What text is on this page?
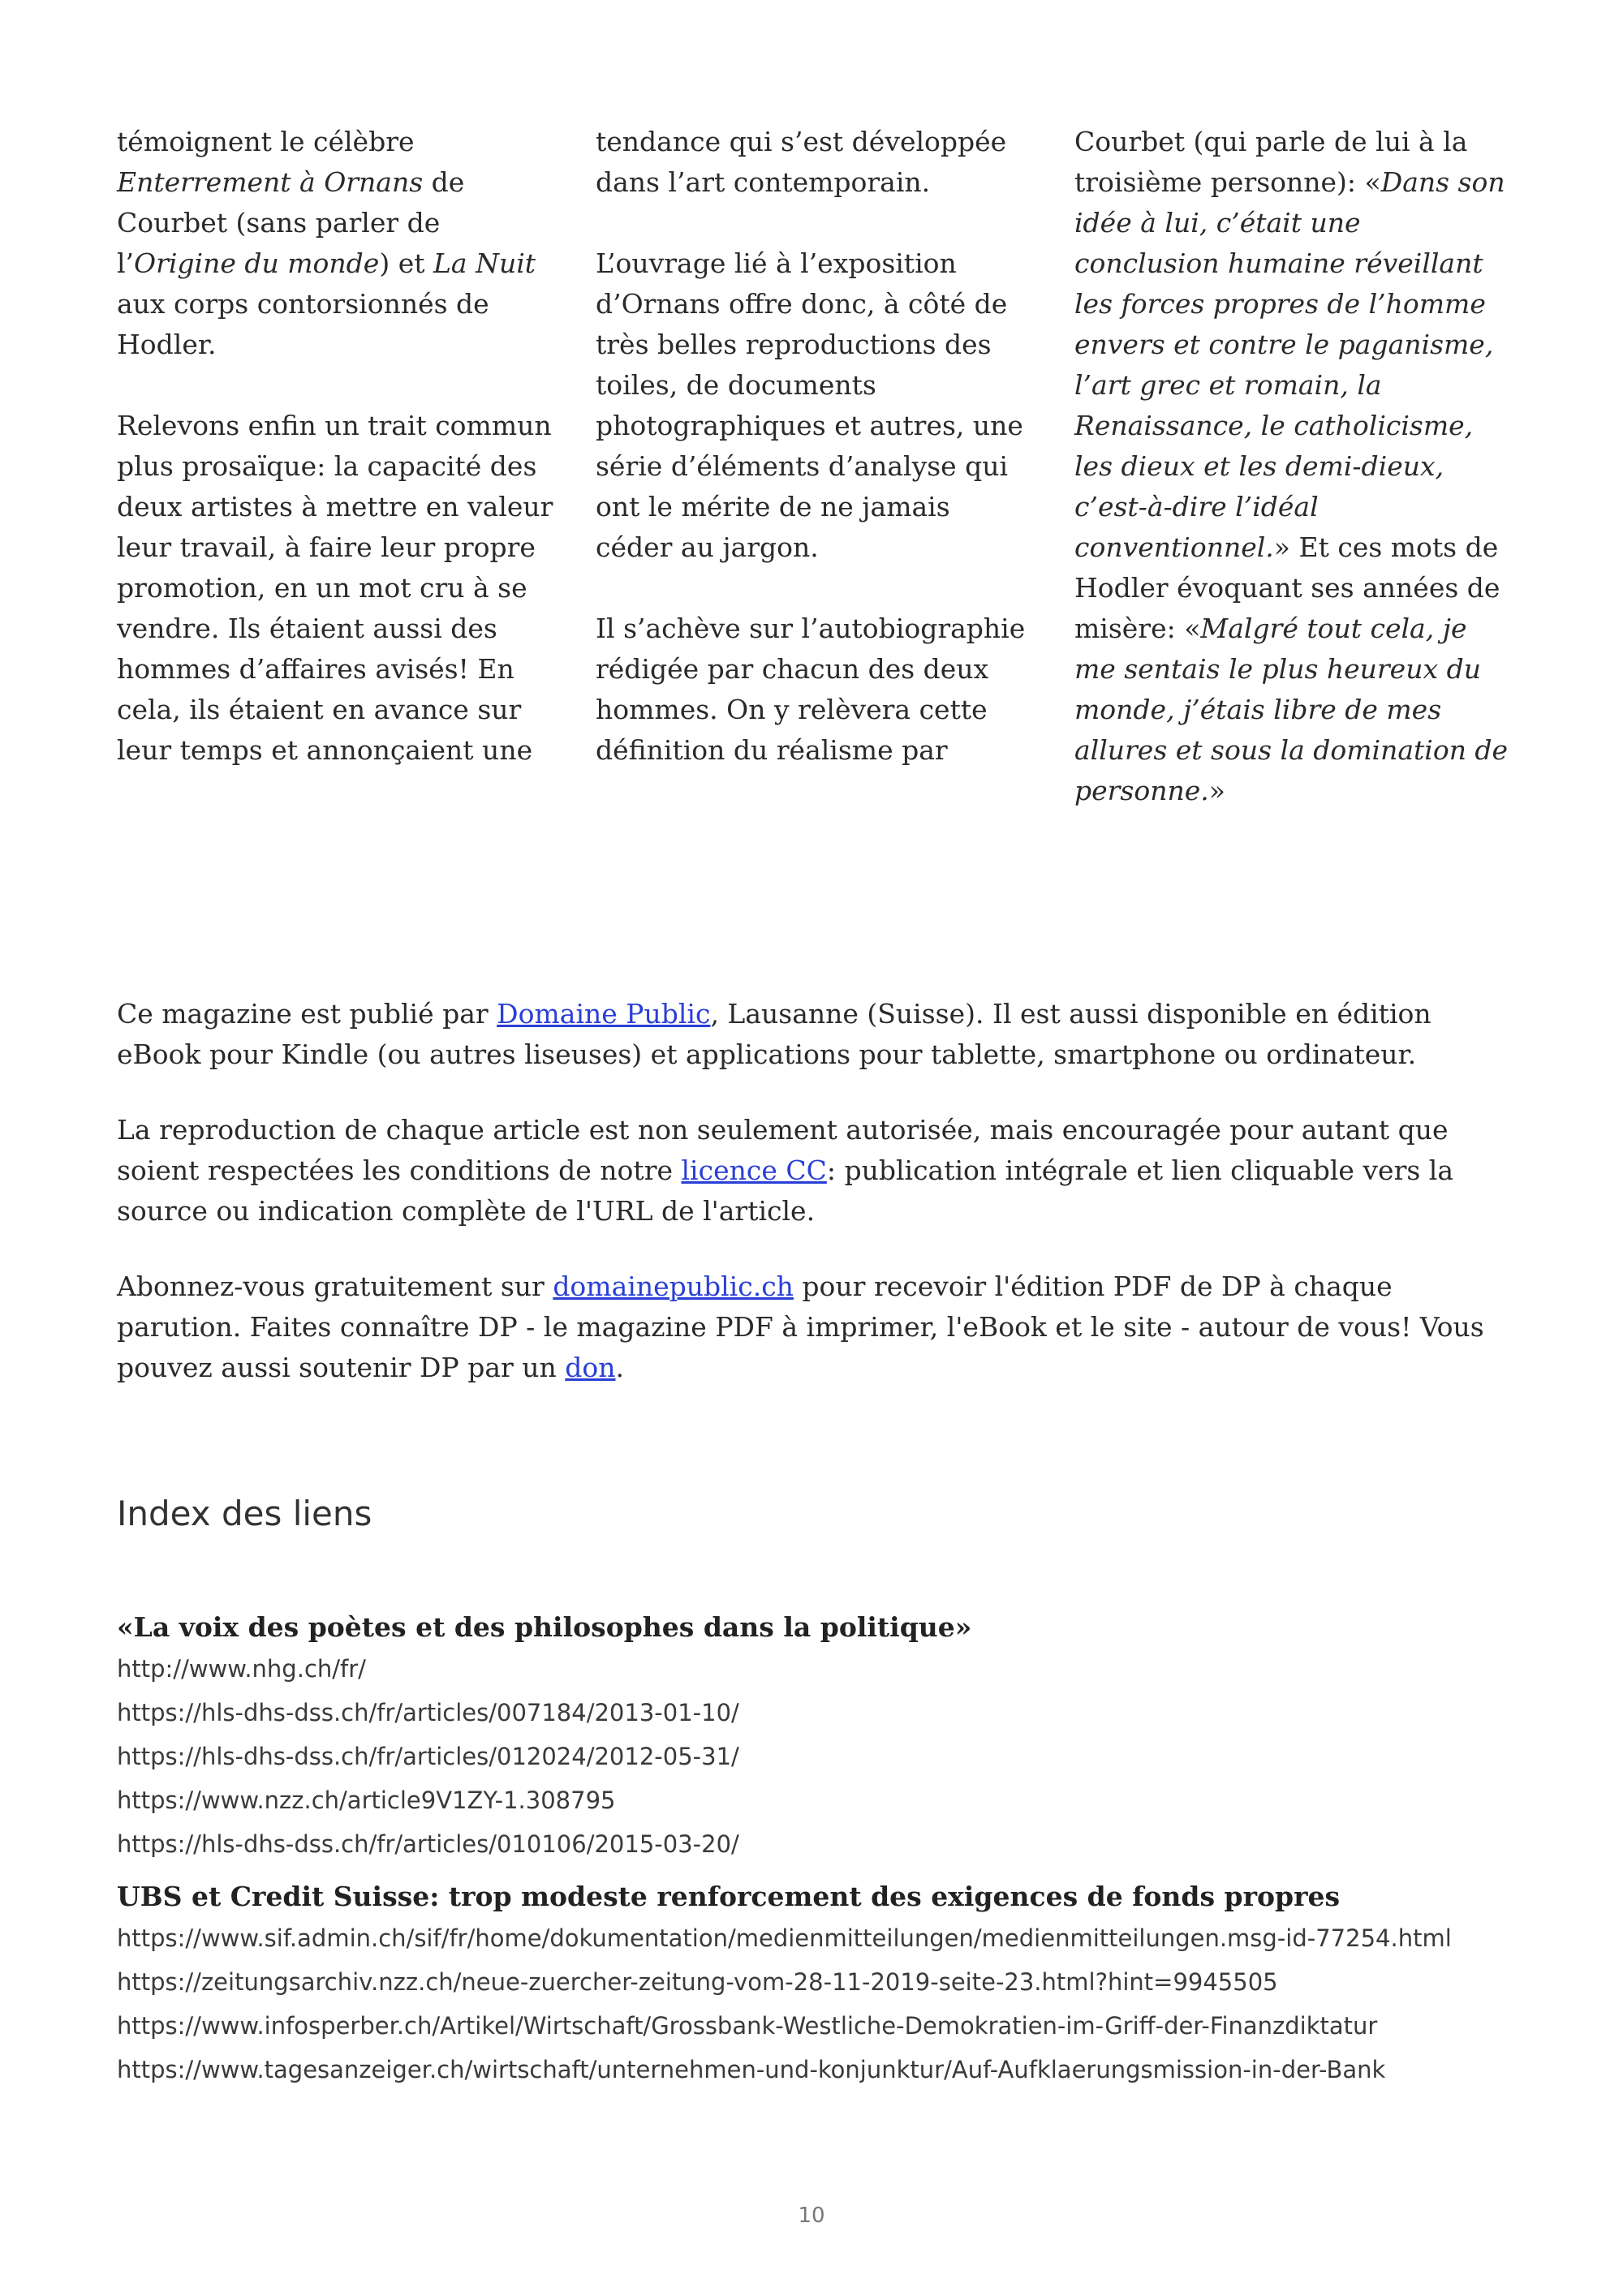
témoignent le célèbre Enterrement à Ornans de Courbet (sans parler de l’Origine du monde) et La Nuit aux corps contorsionnés de Hodler.

Relevons enfin un trait commun plus prosaïque: la capacité des deux artistes à mettre en valeur leur travail, à faire leur propre promotion, en un mot cru à se vendre. Ils étaient aussi des hommes d’affaires avisés! En cela, ils étaient en avance sur leur temps et annonçaient une

tendance qui s’est développée dans l’art contemporain.

L’ouvrage lié à l’exposition d’Ornans offre donc, à côté de très belles reproductions des toiles, de documents photographiques et autres, une série d’éléments d’analyse qui ont le mérite de ne jamais céder au jargon.

Il s’achève sur l’autobiographie rédigée par chacun des deux hommes. On y relèvera cette définition du réalisme par

Courbet (qui parle de lui à la troisième personne): «Dans son idée à lui, c’était une conclusion humaine réveillant les forces propres de l’homme envers et contre le paganisme, l’art grec et romain, la Renaissance, le catholicisme, les dieux et les demi-dieux, c’est-à-dire l’idéal conventionnel.» Et ces mots de Hodler évoquant ses années de misère: «Malgré tout cela, je me sentais le plus heureux du monde, j’étais libre de mes allures et sous la domination de personne.»

Ce magazine est publié par Domaine Public, Lausanne (Suisse). Il est aussi disponible en édition eBook pour Kindle (ou autres liseuses) et applications pour tablette, smartphone ou ordinateur.

La reproduction de chaque article est non seulement autorisée, mais encouragée pour autant que soient respectées les conditions de notre licence CC: publication intégrale et lien cliquable vers la source ou indication complète de l'URL de l'article.

Abonnez-vous gratuitement sur domainepublic.ch pour recevoir l'édition PDF de DP à chaque parution. Faites connaître DP - le magazine PDF à imprimer, l'eBook et le site - autour de vous! Vous pouvez aussi soutenir DP par un don.

Index des liens

«La voix des poètes et des philosophes dans la politique»

http://www.nhg.ch/fr/

https://hls-dhs-dss.ch/fr/articles/007184/2013-01-10/

https://hls-dhs-dss.ch/fr/articles/012024/2012-05-31/

https://www.nzz.ch/article9V1ZY-1.308795

https://hls-dhs-dss.ch/fr/articles/010106/2015-03-20/

UBS et Credit Suisse: trop modeste renforcement des exigences de fonds propres

https://www.sif.admin.ch/sif/fr/home/dokumentation/medienmitteilungen/medienmitteilungen.msg-id-77254.html

https://zeitungsarchiv.nzz.ch/neue-zuercher-zeitung-vom-28-11-2019-seite-23.html?hint=9945505

https://www.infosperber.ch/Artikel/Wirtschaft/Grossbank-Westliche-Demokratien-im-Griff-der-Finanzdiktatur

https://www.tagesanzeiger.ch/wirtschaft/unternehmen-und-konjunktur/Auf-Aufklaerungsmission-in-der-Bank

10
